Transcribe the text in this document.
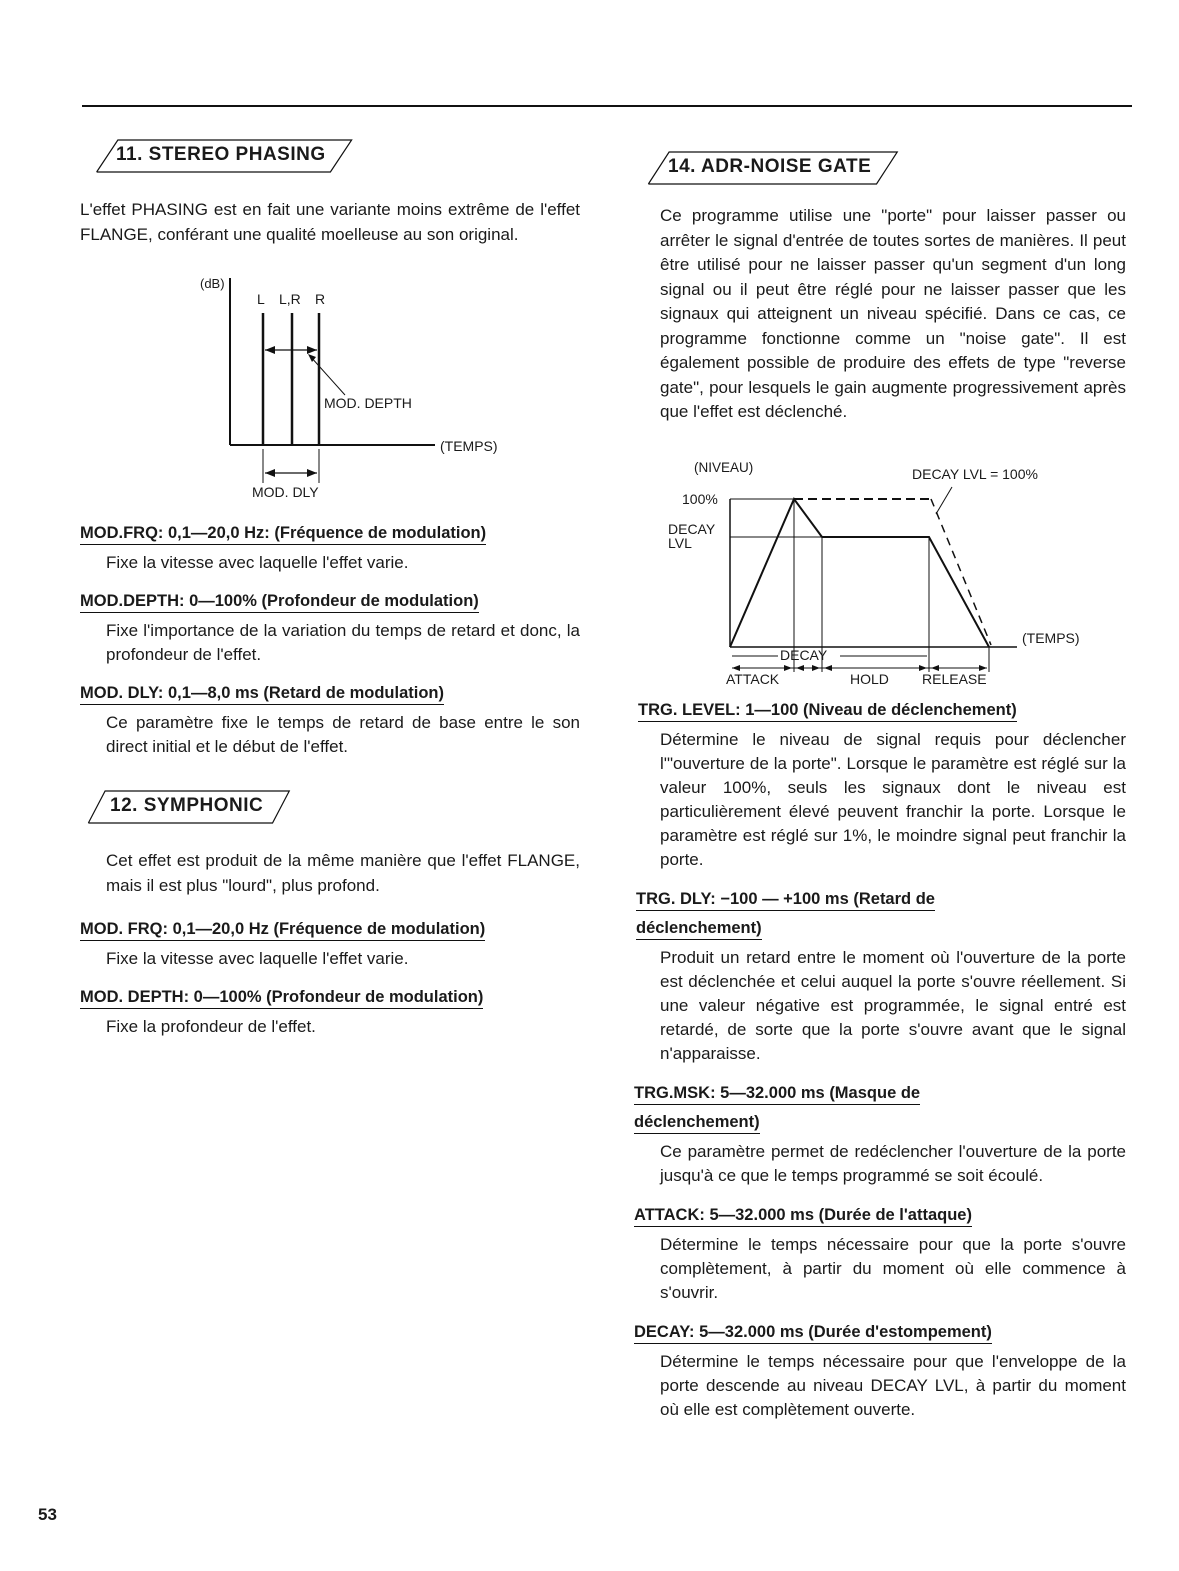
11. STEREO PHASING

L'effet PHASING est en fait une variante moins extrême de l'effet FLANGE, conférant une qualité moelleuse au son original.

(dB)
L L,R R
MOD. DEPTH
(TEMPS)
MOD. DLY

MOD.FRQ: 0,1—20,0 Hz: (Fréquence de modulation)

Fixe la vitesse avec laquelle l'effet varie.

MOD.DEPTH: 0—100% (Profondeur de modulation)

Fixe l'importance de la variation du temps de retard et donc, la profondeur de l'effet.

MOD. DLY: 0,1—8,0 ms (Retard de modulation)

Ce paramètre fixe le temps de retard de base entre le son direct initial et le début de l'effet.
12. SYMPHONIC

Cet effet est produit de la même manière que l'effet FLANGE, mais il est plus "lourd", plus profond.

MOD. FRQ: 0,1—20,0 Hz (Fréquence de modulation)

Fixe la vitesse avec laquelle l'effet varie.

MOD. DEPTH: 0—100% (Profondeur de modulation)

Fixe la profondeur de l'effet.
14. ADR-NOISE GATE

Ce programme utilise une "porte" pour laisser passer ou arrêter le signal d'entrée de toutes sortes de manières. Il peut être utilisé pour ne laisser passer qu'un segment d'un long signal ou il peut être réglé pour ne laisser passer que les signaux qui atteignent un niveau spécifié. Dans ce cas, ce programme fonctionne comme un "noise gate". Il est également possible de produire des effets de type "reverse gate", pour lesquels le gain augmente progressivement après que l'effet est déclenché.

(NIVEAU)
100%
DECAY LVL = 100%
DECAY
LVL
(TEMPS)
DECAY
ATTACK	HOLD RELEASE

TRG. LEVEL: 1—100 (Niveau de déclenchement)

Détermine le niveau de signal requis pour déclencher l'"ouverture de la porte". Lorsque le paramètre est réglé sur la valeur 100%, seuls les signaux dont le niveau est particulièrement élevé peuvent franchir la porte. Lorsque le paramètre est réglé sur 1%, le moindre signal peut franchir la porte.

TRG. DLY: −100 — +100 ms (Retard de

déclenchement)

Produit un retard entre le moment où l'ouverture de la porte est déclenchée et celui auquel la porte s'ouvre réellement. Si une valeur négative est programmée, le signal entré est retardé, de sorte que la porte s'ouvre avant que le signal n'apparaisse.

TRG.MSK: 5—32.000 ms (Masque de

déclenchement)

Ce paramètre permet de redéclencher l'ouverture de la porte jusqu'à ce que le temps programmé se soit écoulé.

ATTACK: 5—32.000 ms (Durée de l'attaque)

Détermine le temps nécessaire pour que la porte s'ouvre complètement, à partir du moment où elle commence à s'ouvrir.

DECAY: 5—32.000 ms (Durée d'estompement)

Détermine le temps nécessaire pour que l'enveloppe de la porte descende au niveau DECAY LVL, à partir du moment où elle est complètement ouverte.
53
